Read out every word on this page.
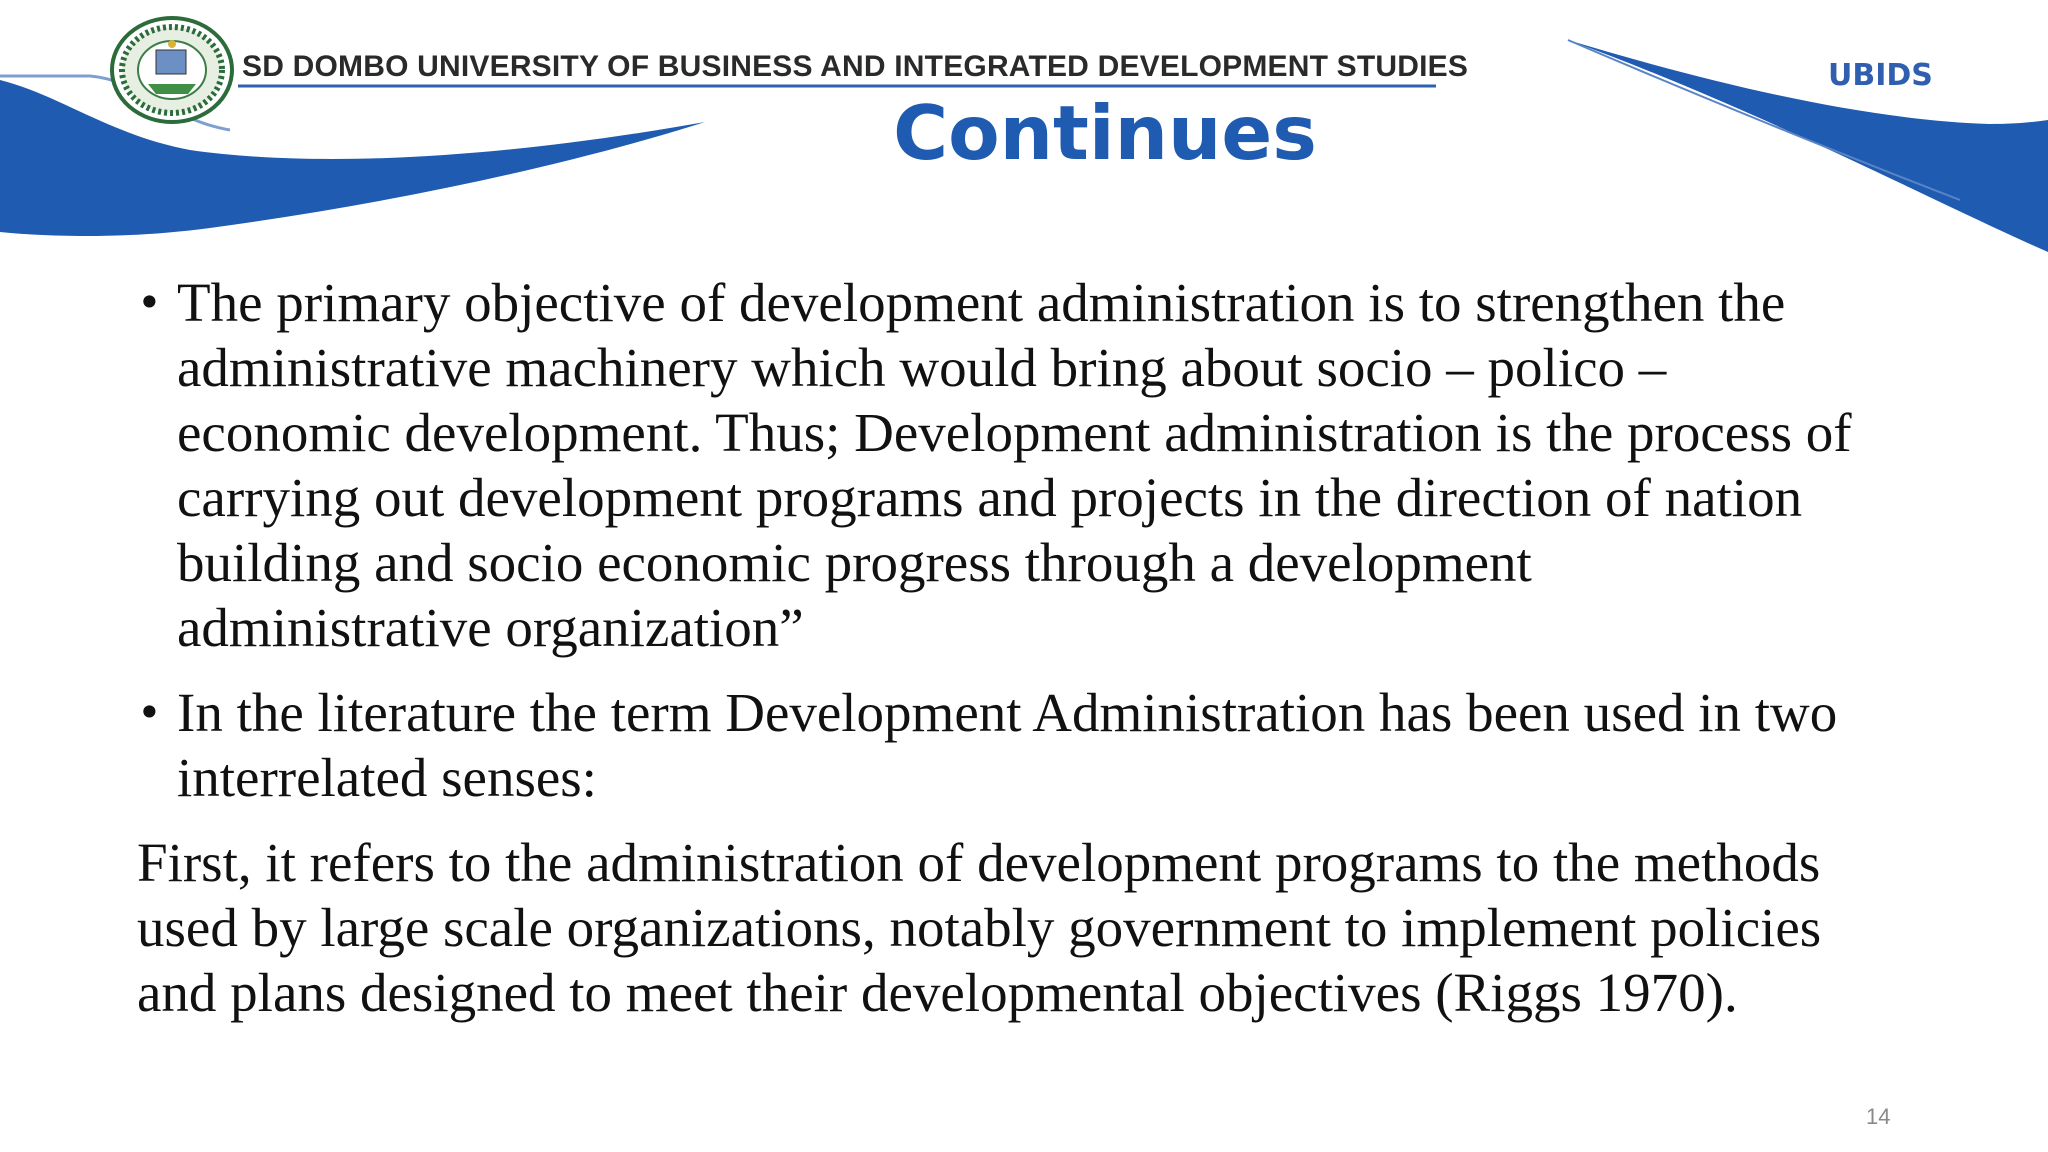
SD DOMBO UNIVERSITY OF BUSINESS AND INTEGRATED DEVELOPMENT STUDIES	UBIDS
Continues
• The primary objective of development administration is to strengthen the administrative machinery which would bring about socio – polico – economic development. Thus; Development administration is the process of carrying out development programs and projects in the direction of nation building and socio economic progress through a development administrative organization”
• In the literature the term Development Administration has been used in two interrelated senses:

First, it refers to the administration of development programs to the methods used by large scale organizations, notably government to implement policies and plans designed to meet their developmental objectives (Riggs 1970).

14
